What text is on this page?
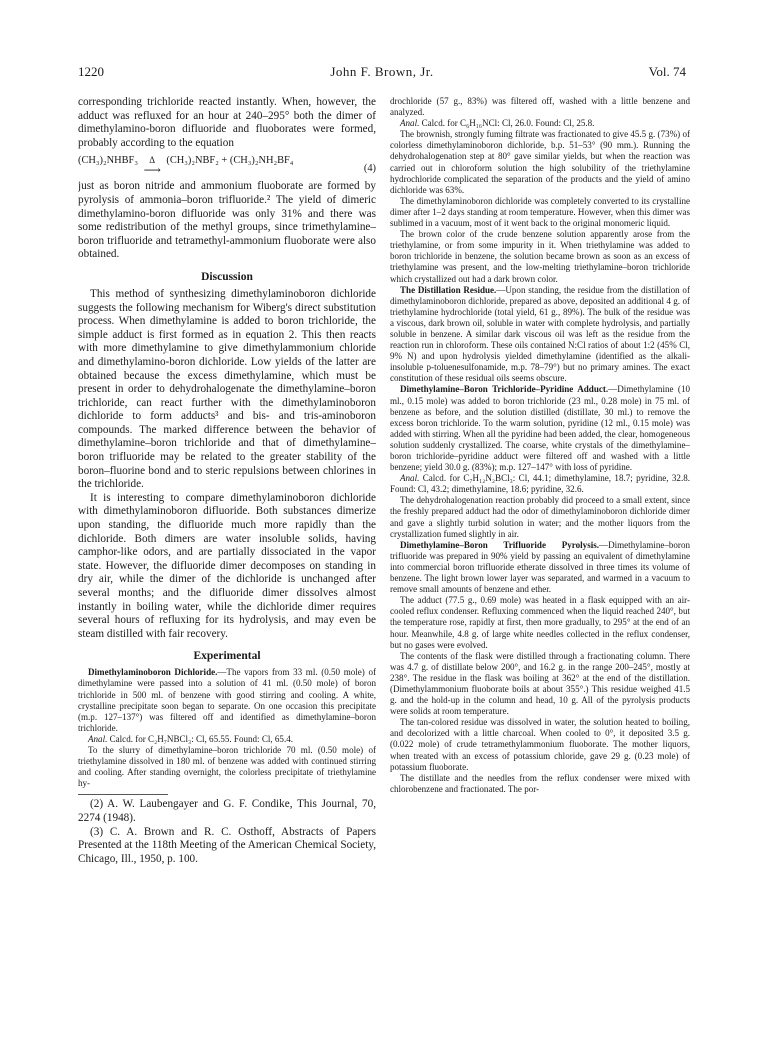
1220	John F. Brown, Jr.	Vol. 74

corresponding trichloride reacted instantly. When, however, the adduct was refluxed for an hour at 240–295° both the dimer of dimethylamino-boron difluoride and fluoborates were formed, probably according to the equation

(CH₃)₂NHBF₃ Δ
⟶
(CH₃)₂NBF₂ + (CH₃)₂NH₂BF₄
(4)

just as boron nitride and ammonium fluoborate are formed by pyrolysis of ammonia–boron trifluoride.² The yield of dimeric dimethylamino-boron difluoride was only 31% and there was some redistribution of the methyl groups, since trimethylamine–boron trifluoride and tetramethyl-ammonium fluoborate were also obtained.

Discussion

This method of synthesizing dimethylaminoboron dichloride suggests the following mechanism for Wiberg's direct substitution process. When dimethylamine is added to boron trichloride, the simple adduct is first formed as in equation 2. This then reacts with more dimethylamine to give dimethylammonium chloride and dimethylamino-boron dichloride. Low yields of the latter are obtained because the excess dimethylamine, which must be present in order to dehydrohalogenate the dimethylamine–boron trichloride, can react further with the dimethylaminoboron dichloride to form adducts³ and bis- and tris-aminoboron compounds. The marked difference between the behavior of dimethylamine–boron trichloride and that of dimethylamine–boron trifluoride may be related to the greater stability of the boron–fluorine bond and to steric repulsions between chlorines in the trichloride.

It is interesting to compare dimethylaminoboron dichloride with dimethylaminoboron difluoride. Both substances dimerize upon standing, the difluoride much more rapidly than the dichloride. Both dimers are water insoluble solids, having camphor-like odors, and are partially dissociated in the vapor state. However, the difluoride dimer decomposes on standing in dry air, while the dimer of the dichloride is unchanged after several months; and the difluoride dimer dissolves almost instantly in boiling water, while the dichloride dimer requires several hours of refluxing for its hydrolysis, and may even be steam distilled with fair recovery.

Experimental

Dimethylaminoboron Dichloride.—The vapors from 33 ml. (0.50 mole) of dimethylamine were passed into a solution of 41 ml. (0.50 mole) of boron trichloride in 500 ml. of benzene with good stirring and cooling. A white, crystalline precipitate soon began to separate. On one occasion this precipitate (m.p. 127–137°) was filtered off and identified as dimethylamine–boron trichloride.

Anal. Calcd. for C₂H₇NBCl₃: Cl, 65.55. Found: Cl, 65.4.

To the slurry of dimethylamine–boron trichloride 70 ml. (0.50 mole) of triethylamine dissolved in 180 ml. of benzene was added with continued stirring and cooling. After standing overnight, the colorless precipitate of triethylamine hy-

(2) A. W. Laubengayer and G. F. Condike, This Journal, 70, 2274 (1948).

(3) C. A. Brown and R. C. Osthoff, Abstracts of Papers Presented at the 118th Meeting of the American Chemical Society, Chicago, Ill., 1950, p. 100.

drochloride (57 g., 83%) was filtered off, washed with a little benzene and analyzed.

Anal. Calcd. for C₆H₁₆NCl: Cl, 26.0. Found: Cl, 25.8.

The brownish, strongly fuming filtrate was fractionated to give 45.5 g. (73%) of colorless dimethylaminoboron dichloride, b.p. 51–53° (90 mm.). Running the dehydrohalogenation step at 80° gave similar yields, but when the reaction was carried out in chloroform solution the high solubility of the triethylamine hydrochloride complicated the separation of the products and the yield of amino dichloride was 63%.

The dimethylaminoboron dichloride was completely converted to its crystalline dimer after 1–2 days standing at room temperature. However, when this dimer was sublimed in a vacuum, most of it went back to the original monomeric liquid.

The brown color of the crude benzene solution apparently arose from the triethylamine, or from some impurity in it. When triethylamine was added to boron trichloride in benzene, the solution became brown as soon as an excess of triethylamine was present, and the low-melting triethylamine–boron trichloride which crystallized out had a dark brown color.

The Distillation Residue.—Upon standing, the residue from the distillation of dimethylaminoboron dichloride, prepared as above, deposited an additional 4 g. of triethylamine hydrochloride (total yield, 61 g., 89%). The bulk of the residue was a viscous, dark brown oil, soluble in water with complete hydrolysis, and partially soluble in benzene. A similar dark viscous oil was left as the residue from the reaction run in chloroform. These oils contained N:Cl ratios of about 1:2 (45% Cl, 9% N) and upon hydrolysis yielded dimethylamine (identified as the alkali-insoluble p-toluenesulfonamide, m.p. 78–79°) but no primary amines. The exact constitution of these residual oils seems obscure.

Dimethylamine–Boron Trichloride–Pyridine Adduct.—Dimethylamine (10 ml., 0.15 mole) was added to boron trichloride (23 ml., 0.28 mole) in 75 ml. of benzene as before, and the solution distilled (distillate, 30 ml.) to remove the excess boron trichloride. To the warm solution, pyridine (12 ml., 0.15 mole) was added with stirring. When all the pyridine had been added, the clear, homogeneous solution suddenly crystallized. The coarse, white crystals of the dimethylamine–boron trichloride–pyridine adduct were filtered off and washed with a little benzene; yield 30.0 g. (83%); m.p. 127–147° with loss of pyridine.

Anal. Calcd. for C₇H₁₂N₂BCl₃: Cl, 44.1; dimethylamine, 18.7; pyridine, 32.8. Found: Cl, 43.2; dimethylamine, 18.6; pyridine, 32.6.

The dehydrohalogenation reaction probably did proceed to a small extent, since the freshly prepared adduct had the odor of dimethylaminoboron dichloride dimer and gave a slightly turbid solution in water; and the mother liquors from the crystallization fumed slightly in air.

Dimethylamine–Boron Trifluoride Pyrolysis.—Dimethylamine–boron trifluoride was prepared in 90% yield by passing an equivalent of dimethylamine into commercial boron trifluoride etherate dissolved in three times its volume of benzene. The light brown lower layer was separated, and warmed in a vacuum to remove small amounts of benzene and ether.

The adduct (77.5 g., 0.69 mole) was heated in a flask equipped with an air-cooled reflux condenser. Refluxing commenced when the liquid reached 240°, but the temperature rose, rapidly at first, then more gradually, to 295° at the end of an hour. Meanwhile, 4.8 g. of large white needles collected in the reflux condenser, but no gases were evolved.

The contents of the flask were distilled through a fractionating column. There was 4.7 g. of distillate below 200°, and 16.2 g. in the range 200–245°, mostly at 238°. The residue in the flask was boiling at 362° at the end of the distillation. (Dimethylammonium fluoborate boils at about 355°.) This residue weighed 41.5 g. and the hold-up in the column and head, 10 g. All of the pyrolysis products were solids at room temperature.

The tan-colored residue was dissolved in water, the solution heated to boiling, and decolorized with a little charcoal. When cooled to 0°, it deposited 3.5 g. (0.022 mole) of crude tetramethylammonium fluoborate. The mother liquors, when treated with an excess of potassium chloride, gave 29 g. (0.23 mole) of potassium fluoborate.

The distillate and the needles from the reflux condenser were mixed with chlorobenzene and fractionated. The por-
